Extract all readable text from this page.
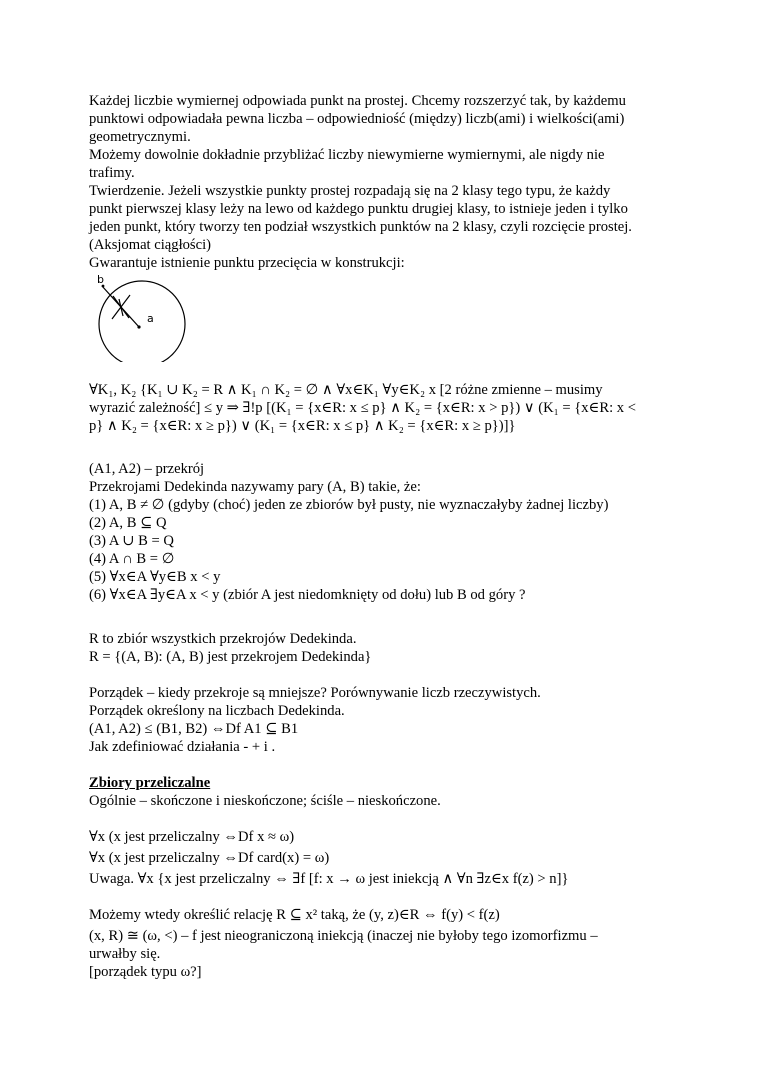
Każdej liczbie wymiernej odpowiada punkt na prostej. Chcemy rozszerzyć tak, by każdemu
punktowi odpowiadała pewna liczba – odpowiedniość (między) liczb(ami) i wielkości(ami)
geometrycznymi.
Możemy dowolnie dokładnie przybliżać liczby niewymierne wymiernymi, ale nigdy nie
trafimy.
Twierdzenie. Jeżeli wszystkie punkty prostej rozpadają się na 2 klasy tego typu, że każdy
punkt pierwszej klasy leży na lewo od każdego punktu drugiej klasy, to istnieje jeden i tylko
jeden punkt, który tworzy ten podział wszystkich punktów na 2 klasy, czyli rozcięcie prostej.
(Aksjomat ciągłości)
Gwarantuje istnienie punktu przecięcia w konstrukcji:
b
a
∀K₁, K₂ {K₁ ∪ K₂ = R ∧ K₁ ∩ K₂ = ∅ ∧ ∀x∈K₁ ∀y∈K₂ x [2 różne zmienne – musimy
wyrazić zależność] ≤ y ⇒ ∃!p [(K₁ = {x∈R: x ≤ p} ∧ K₂ = {x∈R: x > p}) ∨ (K₁ = {x∈R: x <
p} ∧ K₂ = {x∈R: x ≥ p}) ∨ (K₁ = {x∈R: x ≤ p} ∧ K₂ = {x∈R: x ≥ p})]}
(A1, A2) – przekrój
Przekrojami Dedekinda nazywamy pary (A, B) takie, że:
(1) A, B ≠ ∅ (gdyby (choć) jeden ze zbiorów był pusty, nie wyznaczałyby żadnej liczby)
(2) A, B ⊆ Q
(3) A ∪ B = Q
(4) A ∩ B = ∅
(5) ∀x∈A ∀y∈B x < y
(6) ∀x∈A ∃y∈A x < y (zbiór A jest niedomknięty od dołu) lub B od góry ?
R to zbiór wszystkich przekrojów Dedekinda.
R = {(A, B): (A, B) jest przekrojem Dedekinda}
Porządek – kiedy przekroje są mniejsze? Porównywanie liczb rzeczywistych.
Porządek określony na liczbach Dedekinda.
(A1, A2) ≤ (B1, B2) ⇔Df A1 ⊆ B1
Jak zdefiniować działania - + i .
Zbiory przeliczalne
Ogólnie – skończone i nieskończone; ściśle – nieskończone.
∀x (x jest przeliczalny ⇔Df x ≈ ω)
∀x (x jest przeliczalny ⇔Df card(x) = ω)
Uwaga. ∀x {x jest przeliczalny ⇔ ∃f [f: x → ω jest iniekcją ∧ ∀n ∃z∈x f(z) > n]}
Możemy wtedy określić relację R ⊆ x² taką, że (y, z)∈R ⇔ f(y) < f(z)
(x, R) ≅ (ω, <) – f jest nieograniczoną iniekcją (inaczej nie byłoby tego izomorfizmu –
urwałby się.
[porządek typu ω?]
